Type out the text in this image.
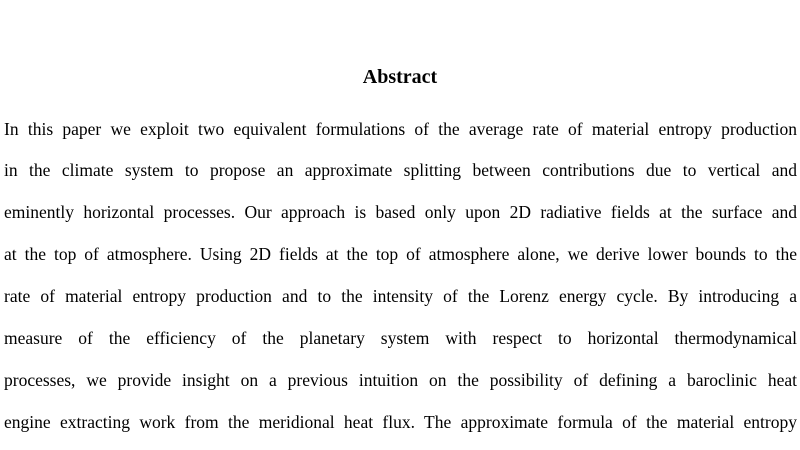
Abstract
In this paper we exploit two equivalent formulations of the average rate of material entropy production
in the climate system to propose an approximate splitting between contributions due to vertical and
eminently horizontal processes. Our approach is based only upon 2D radiative fields at the surface and
at the top of atmosphere. Using 2D fields at the top of atmosphere alone, we derive lower bounds to the
rate of material entropy production and to the intensity of the Lorenz energy cycle. By introducing a
measure of the efficiency of the planetary system with respect to horizontal thermodynamical
processes, we provide insight on a previous intuition on the possibility of defining a baroclinic heat
engine extracting work from the meridional heat flux. The approximate formula of the material entropy
